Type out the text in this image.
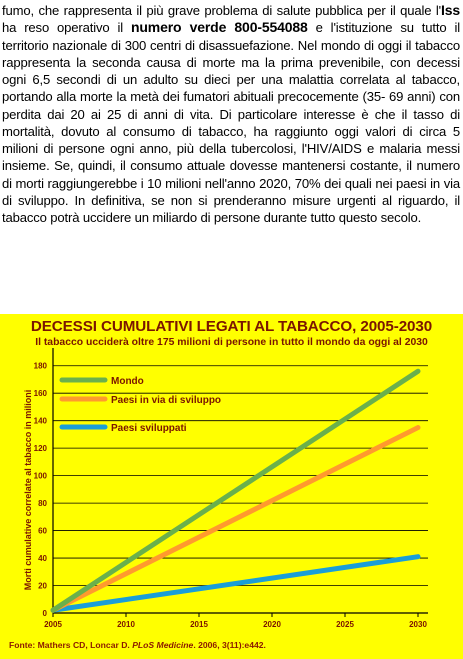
fumo, che rappresenta il più grave problema di salute pubblica per il quale l'Iss ha reso operativo il numero verde 800-554088 e l'istituzione su tutto il territorio nazionale di 300 centri di disassuefazione. Nel mondo di oggi il tabacco rappresenta la seconda causa di morte ma la prima prevenibile, con decessi ogni 6,5 secondi di un adulto su dieci per una malattia correlata al tabacco, portando alla morte la metà dei fumatori abituali precocemente (35- 69 anni) con perdita dai 20 ai 25 di anni di vita. Di particolare interesse è che il tasso di mortalità, dovuto al consumo di tabacco, ha raggiunto oggi valori di circa 5 milioni di persone ogni anno, più della tubercolosi, l'HIV/AIDS e malaria messi insieme. Se, quindi, il consumo attuale dovesse mantenersi costante, il numero di morti raggiungerebbe i 10 milioni nell'anno 2020, 70% dei quali nei paesi in via di sviluppo. In definitiva, se non si prenderanno misure urgenti al riguardo, il tabacco potrà uccidere un miliardo di persone durante tutto questo secolo.
DECESSI CUMULATIVI LEGATI AL TABACCO, 2005-2030
Il tabacco ucciderà oltre 175 milioni di persone in tutto il mondo da oggi al 2030
0
20
40
60
80
100
120
140
160
180
2005	2010	2015	2020	2025	2030
Mondo
Paesi in via di sviluppo
Paesi sviluppati
Morti cumulative correlate al tabacco in milioni
Fonte: Mathers CD, Loncar D. PLoS Medicine. 2006, 3(11):e442.
